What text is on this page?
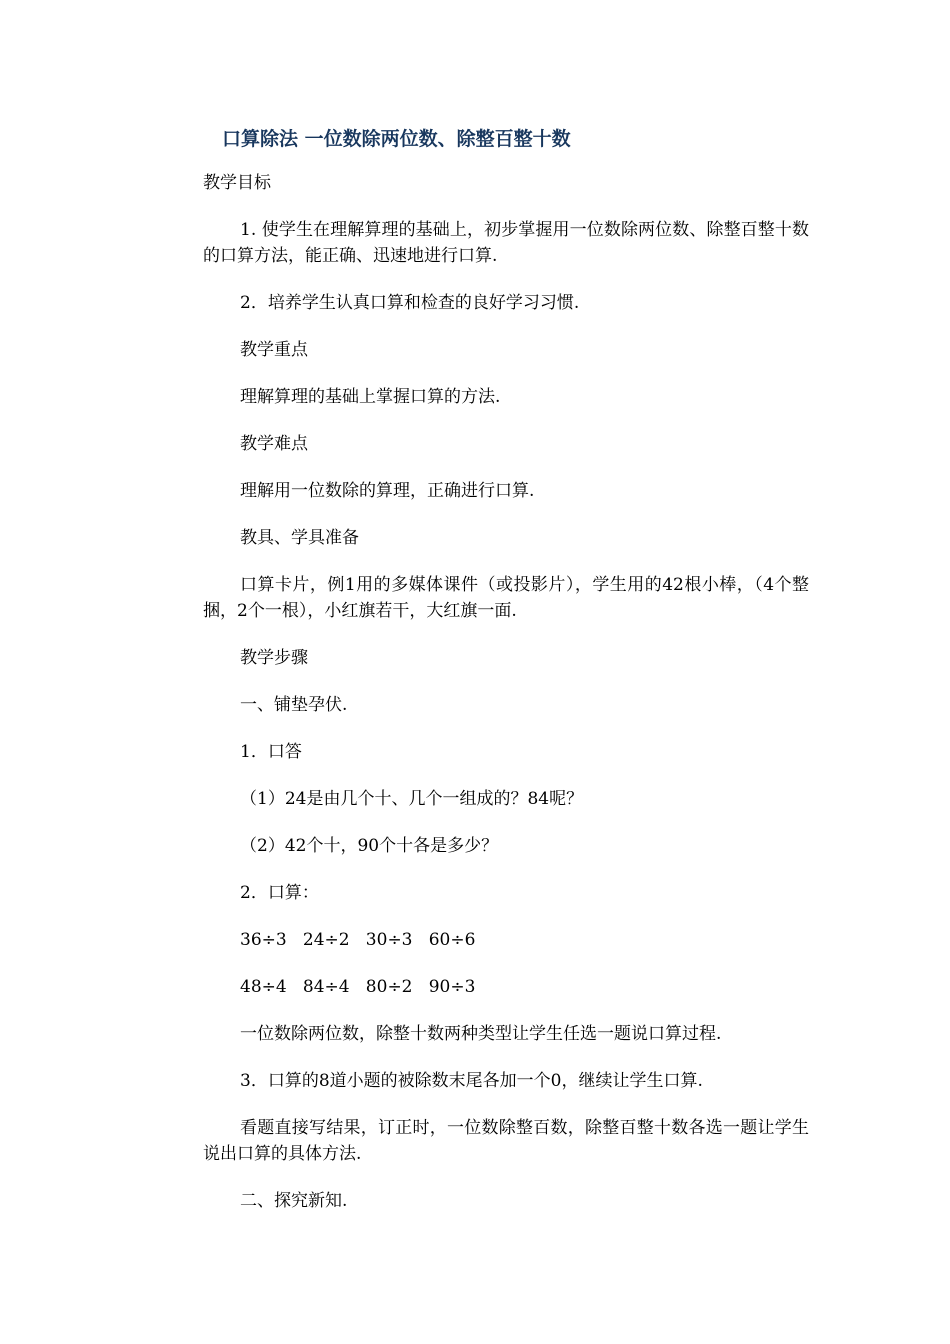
口算除法 一位数除两位数、除整百整十数

教学目标

1. 使学生在理解算理的基础上，初步掌握用一位数除两位数、除整百整十数的口算方法，能正确、迅速地进行口算.

2．培养学生认真口算和检查的良好学习习惯.

教学重点

理解算理的基础上掌握口算的方法.

教学难点

理解用一位数除的算理，正确进行口算.

教具、学具准备

口算卡片，例1用的多媒体课件（或投影片），学生用的42根小棒，（4个整捆，2个一根），小红旗若干，大红旗一面.

教学步骤

一、铺垫孕伏.

1．口答

（1）24是由几个十、几个一组成的？84呢？

（2）42个十，90个十各是多少？

2．口算：

36÷3   24÷2   30÷3   60÷6

48÷4   84÷4   80÷2   90÷3

一位数除两位数，除整十数两种类型让学生任选一题说口算过程.

3．口算的8道小题的被除数末尾各加一个0，继续让学生口算.

看题直接写结果，订正时，一位数除整百数，除整百整十数各选一题让学生说出口算的具体方法.

二、探究新知.
